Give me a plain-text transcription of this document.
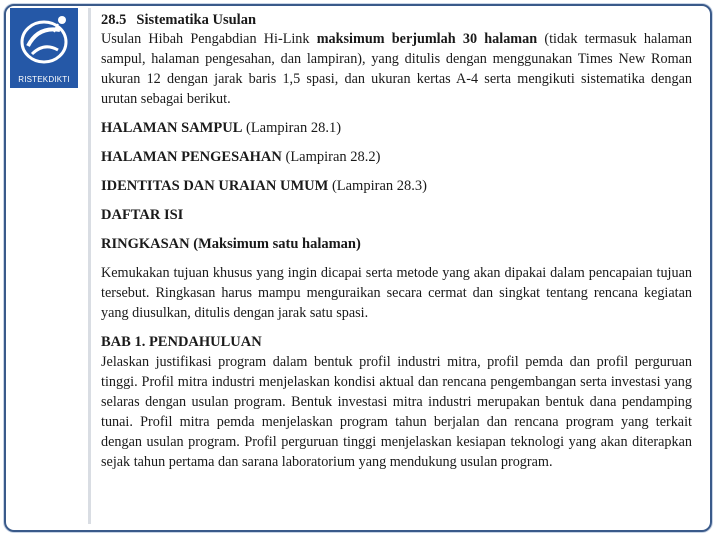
RISTEKDIKTI
28.5 Sistematika Usulan

Usulan Hibah Pengabdian Hi-Link maksimum berjumlah 30 halaman (tidak termasuk halaman sampul, halaman pengesahan, dan lampiran), yang ditulis dengan menggunakan Times New Roman ukuran 12 dengan jarak baris 1,5 spasi, dan ukuran kertas A-4 serta mengikuti sistematika dengan urutan sebagai berikut.

HALAMAN SAMPUL (Lampiran 28.1)
HALAMAN PENGESAHAN (Lampiran 28.2)
IDENTITAS DAN URAIAN UMUM (Lampiran 28.3)
DAFTAR ISI
RINGKASAN (Maksimum satu halaman)

Kemukakan tujuan khusus yang ingin dicapai serta metode yang akan dipakai dalam pencapaian tujuan tersebut. Ringkasan harus mampu menguraikan secara cermat dan singkat tentang rencana kegiatan yang diusulkan, ditulis dengan jarak satu spasi.

BAB 1. PENDAHULUAN

Jelaskan justifikasi program dalam bentuk profil industri mitra, profil pemda dan profil perguruan tinggi. Profil mitra industri menjelaskan kondisi aktual dan rencana pengembangan serta investasi yang selaras dengan usulan program. Bentuk investasi mitra industri merupakan bentuk dana pendamping tunai. Profil mitra pemda menjelaskan program tahun berjalan dan rencana program yang terkait dengan usulan program. Profil perguruan tinggi menjelaskan kesiapan teknologi yang akan diterapkan sejak tahun pertama dan sarana laboratorium yang mendukung usulan program.
